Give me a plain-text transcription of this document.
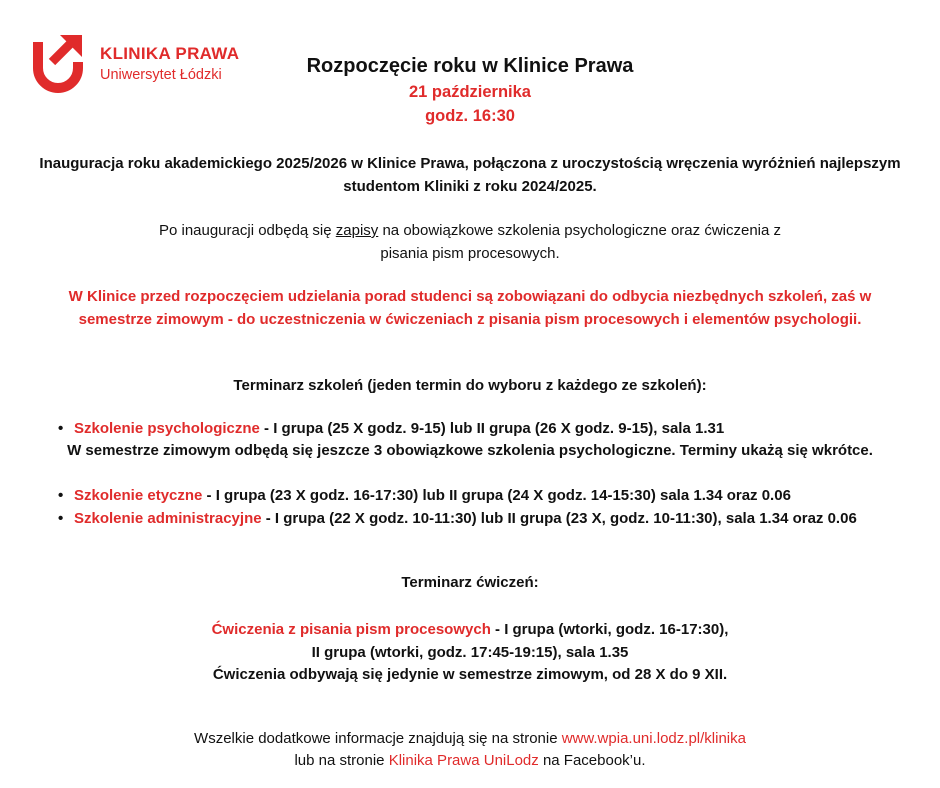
KLINIKA PRAWA
Uniwersytet Łódzki	Rozpoczęcie roku w Klinice Prawa
21 października
godz. 16:30
Inauguracja roku akademickiego 2025/2026 w Klinice Prawa, połączona z uroczystością wręczenia wyróżnień najlepszym studentom Kliniki z roku 2024/2025.
Po inauguracji odbędą się zapisy na obowiązkowe szkolenia psychologiczne oraz ćwiczenia z pisania pism procesowych.
W Klinice przed rozpoczęciem udzielania porad studenci są zobowiązani do odbycia niezbędnych szkoleń, zaś w semestrze zimowym - do uczestniczenia w ćwiczeniach z pisania pism procesowych i elementów psychologii.
Terminarz szkoleń (jeden termin do wyboru z każdego ze szkoleń):
• Szkolenie psychologiczne - I grupa (25 X godz. 9-15) lub II grupa (26 X godz. 9-15), sala 1.31
W semestrze zimowym odbędą się jeszcze 3 obowiązkowe szkolenia psychologiczne. Terminy ukażą się wkrótce.
• Szkolenie etyczne - I grupa (23 X godz. 16-17:30) lub II grupa (24 X godz. 14-15:30) sala 1.34 oraz 0.06
• Szkolenie administracyjne - I grupa (22 X godz. 10-11:30) lub II grupa (23 X, godz. 10-11:30), sala 1.34 oraz 0.06
Terminarz ćwiczeń:
Ćwiczenia z pisania pism procesowych - I grupa (wtorki, godz. 16-17:30),
II grupa (wtorki, godz. 17:45-19:15), sala 1.35
Ćwiczenia odbywają się jedynie w semestrze zimowym, od 28 X do 9 XII.
Wszelkie dodatkowe informacje znajdują się na stronie www.wpia.uni.lodz.pl/klinika
lub na stronie Klinika Prawa UniLodz na Facebook’u.
